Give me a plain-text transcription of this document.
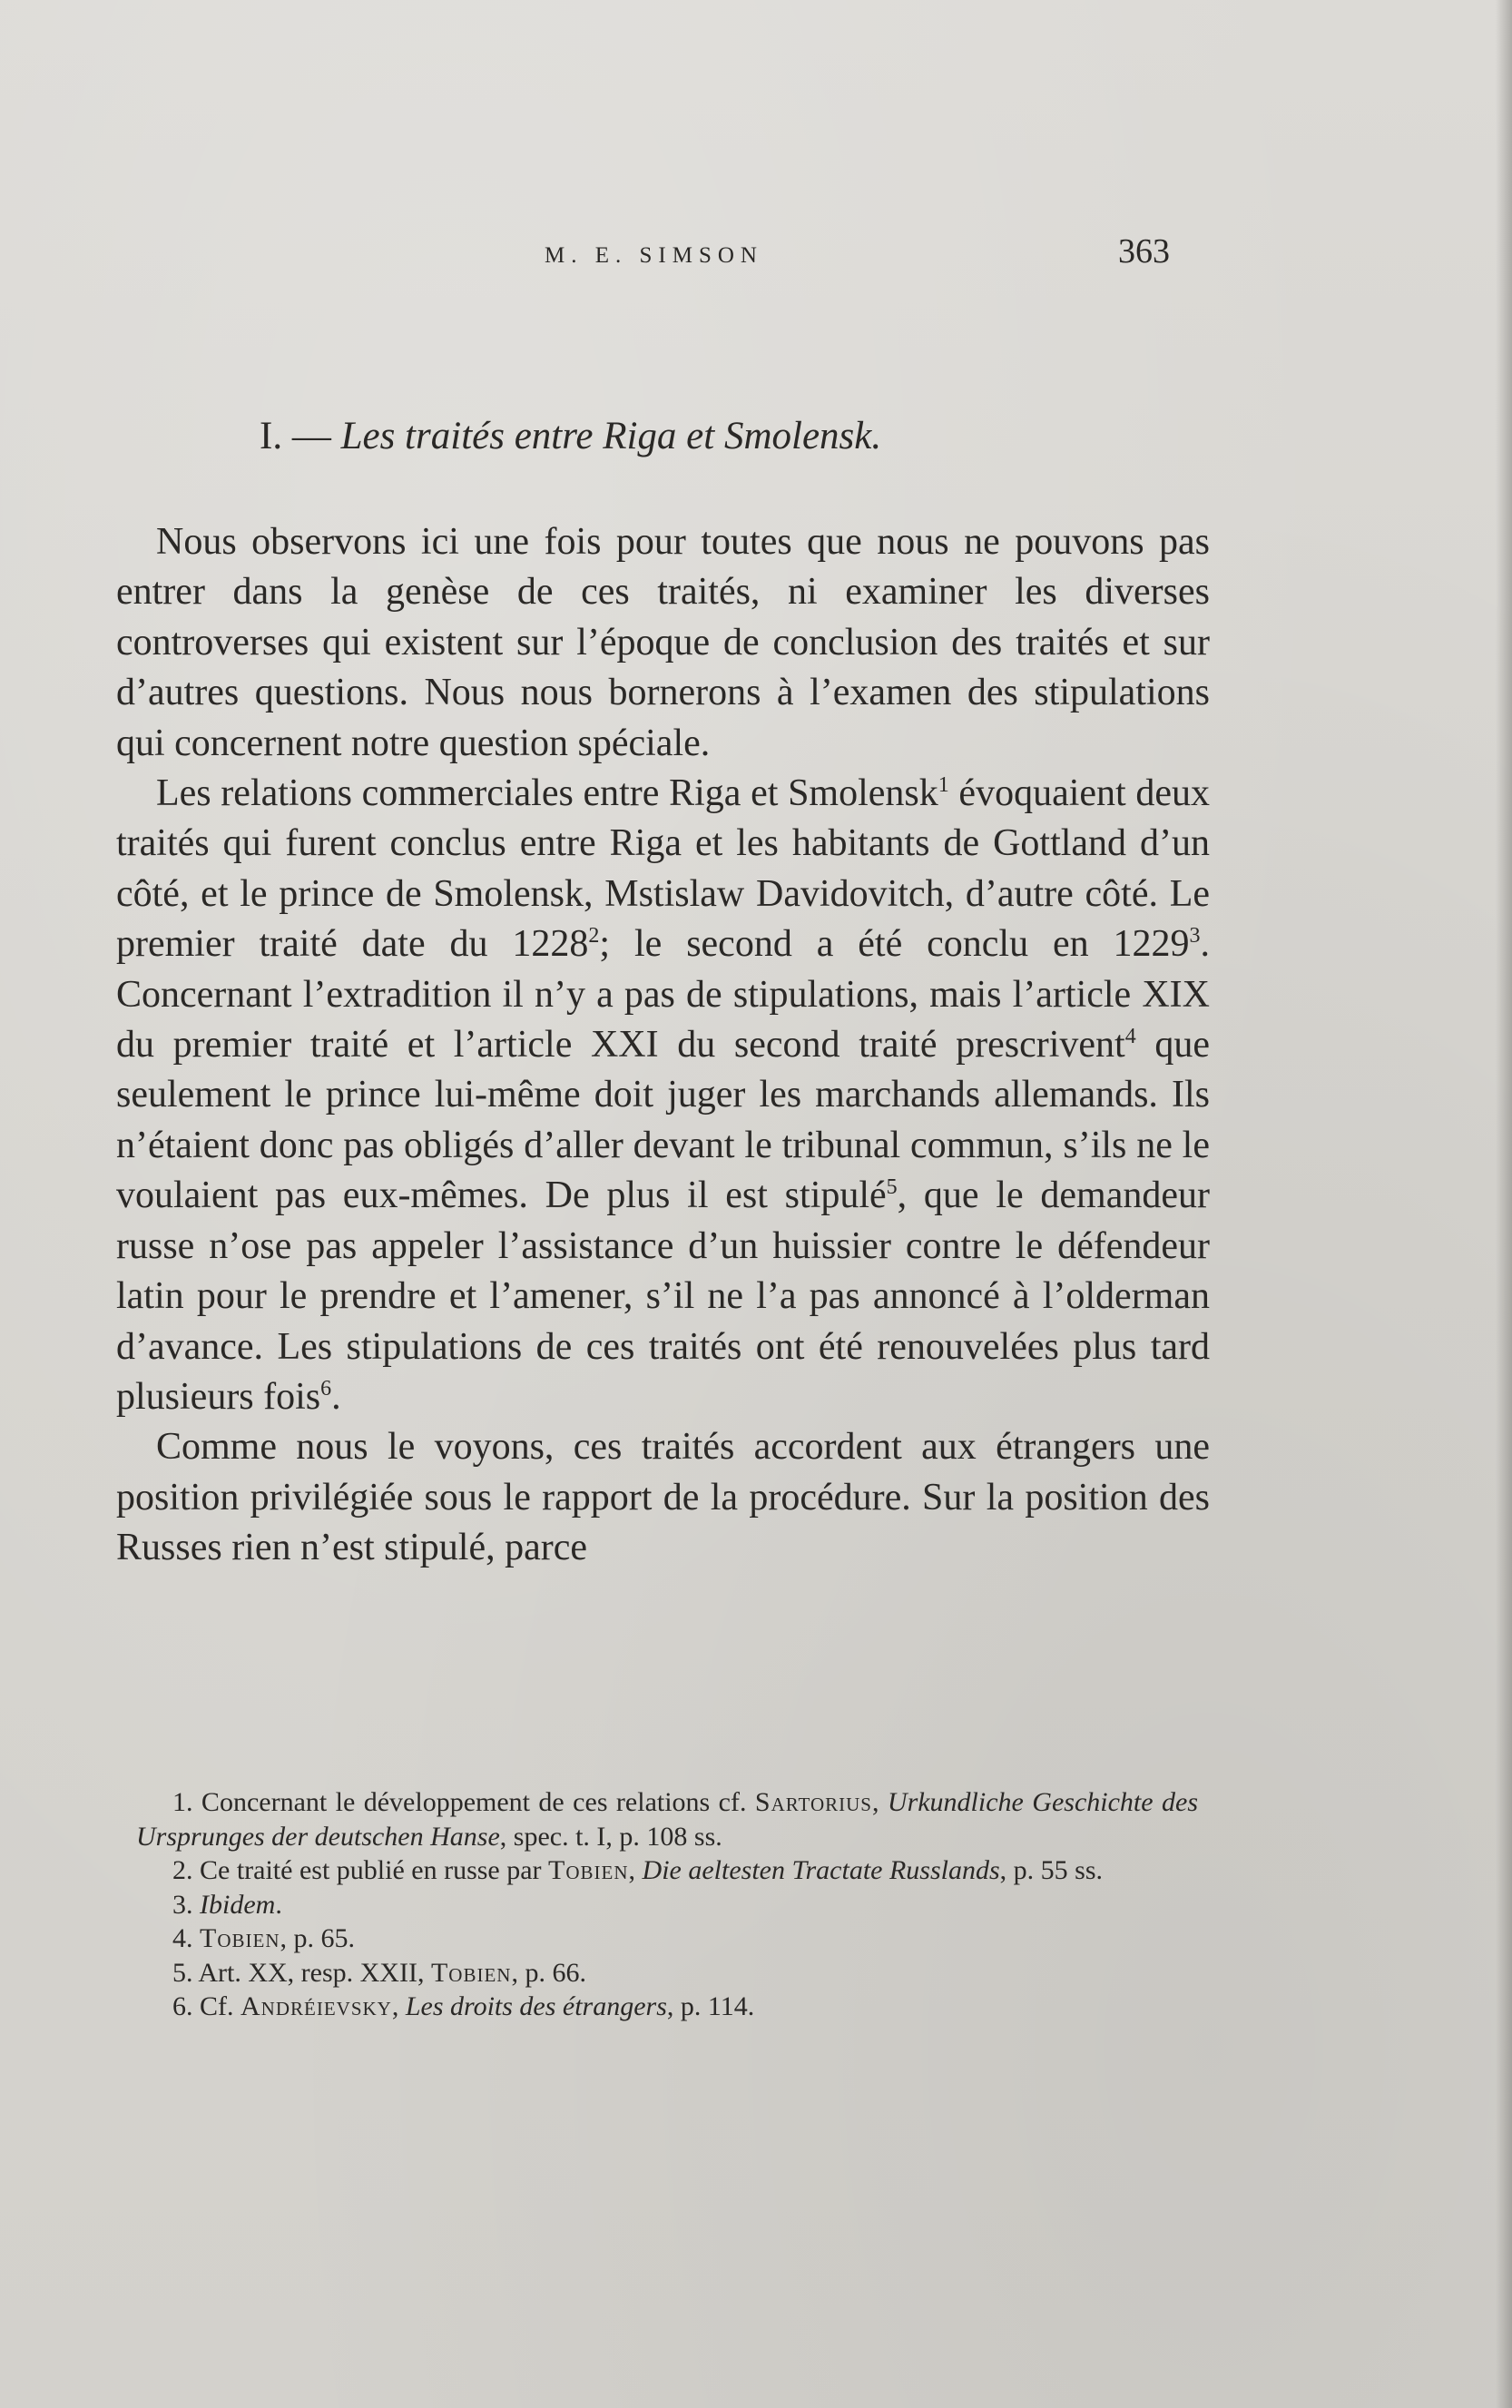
M. E. SIMSON	363
I. — Les traités entre Riga et Smolensk.

Nous observons ici une fois pour toutes que nous ne pouvons pas entrer dans la genèse de ces traités, ni examiner les diverses controverses qui existent sur l’époque de conclusion des traités et sur d’autres questions. Nous nous bornerons à l’examen des stipulations qui concernent notre question spéciale.

Les relations commerciales entre Riga et Smolensk$^1$ évoquaient deux traités qui furent conclus entre Riga et les habitants de Gottland d’un côté, et le prince de Smolensk, Mstislaw Davidovitch, d’autre côté. Le premier traité date du 1228$^2$; le second a été conclu en 1229$^3$. Concernant l’extradition il n’y a pas de stipulations, mais l’article XIX du premier traité et l’article XXI du second traité prescrivent$^4$ que seulement le prince lui-même doit juger les marchands allemands. Ils n’étaient donc pas obligés d’aller devant le tribunal commun, s’ils ne le voulaient pas eux-mêmes. De plus il est stipulé$^5$, que le demandeur russe n’ose pas appeler l’assistance d’un huissier contre le défendeur latin pour le prendre et l’amener, s’il ne l’a pas annoncé à l’olderman d’avance. Les stipulations de ces traités ont été renouvelées plus tard plusieurs fois$^6$.

Comme nous le voyons, ces traités accordent aux étrangers une position privilégiée sous le rapport de la procédure. Sur la position des Russes rien n’est stipulé, parce

1. Concernant le développement de ces relations cf. Sartorius, Urkundliche Geschichte des Ursprunges der deutschen Hanse, spec. t. I, p. 108 ss.

2. Ce traité est publié en russe par Tobien, Die aeltesten Tractate Russlands, p. 55 ss.

3. Ibidem.

4. Tobien, p. 65.

5. Art. XX, resp. XXII, Tobien, p. 66.

6. Cf. Andréievsky, Les droits des étrangers, p. 114.
